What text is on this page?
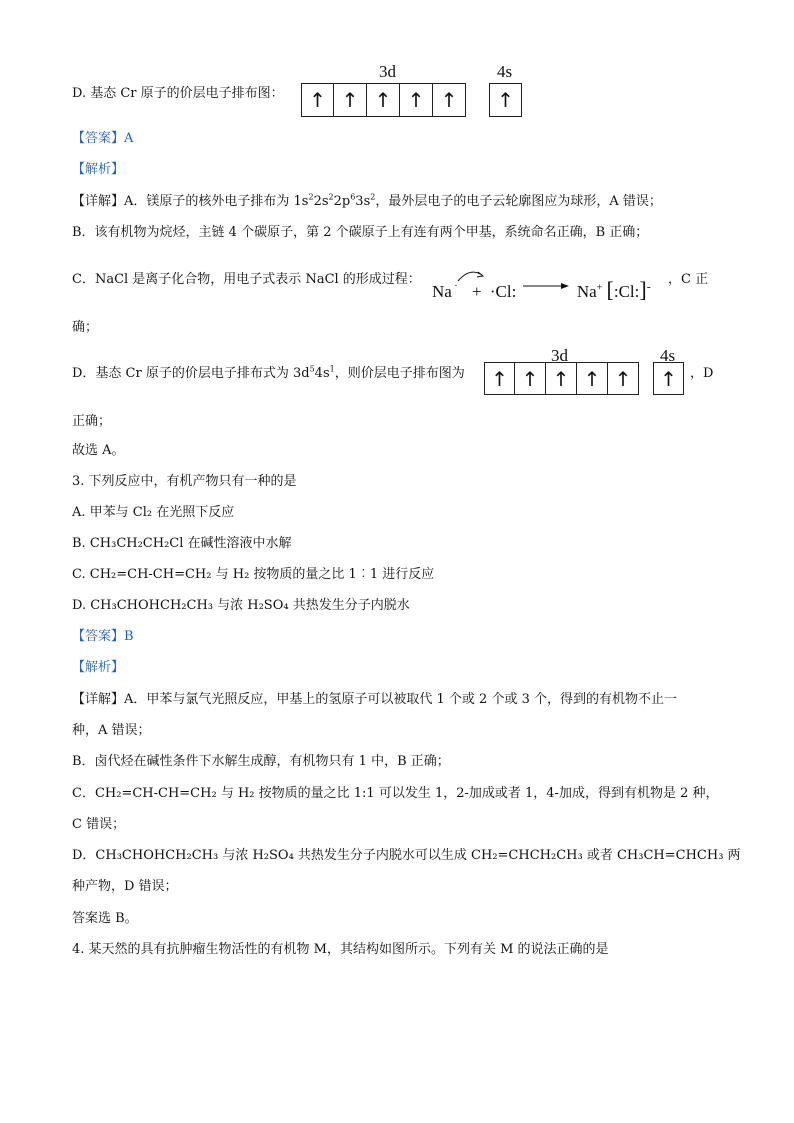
D. 基态 Cr 原子的价层电子排布图：
3d	4s
↑ ↑ ↑ ↑ ↑ ↑
【答案】A
【解析】
【详解】A．镁原子的核外电子排布为 $1s^22s^22p^63s^2$，最外层电子的电子云轮廓图应为球形，A 错误；
B．该有机物为烷烃，主链 4 个碳原子，第 2 个碳原子上有连有两个甲基，系统命名正确，B 正确；
C．NaCl 是离子化合物，用电子式表示 NaCl 的形成过程：
Na · + ·Cl:	Na+ [:Cl:]- ，C 正
确；
D．基态 Cr 原子的价层电子排布式为 $3d^54s^1$，则价层电子排布图为
3d	4s
↑ ↑ ↑ ↑ ↑ ↑ ，D
正确；
故选 A。
3. 下列反应中，有机产物只有一种的是
A. 甲苯与 Cl₂ 在光照下反应
B. CH₃CH₂CH₂Cl 在碱性溶液中水解
C. CH₂=CH-CH=CH₂ 与 H₂ 按物质的量之比 1︰1 进行反应
D. CH₃CHOHCH₂CH₃ 与浓 H₂SO₄ 共热发生分子内脱水
【答案】B
【解析】
【详解】A．甲苯与氯气光照反应，甲基上的氢原子可以被取代 1 个或 2 个或 3 个，得到的有机物不止一
种，A 错误；
B．卤代烃在碱性条件下水解生成醇，有机物只有 1 中，B 正确；
C．CH₂=CH-CH=CH₂ 与 H₂ 按物质的量之比 1:1 可以发生 1，2-加成或者 1，4-加成，得到有机物是 2 种，
C 错误；
D．CH₃CHOHCH₂CH₃ 与浓 H₂SO₄ 共热发生分子内脱水可以生成 CH₂=CHCH₂CH₃ 或者 CH₃CH=CHCH₃ 两
种产物，D 错误；
答案选 B。
4. 某天然的具有抗肿瘤生物活性的有机物 M，其结构如图所示。下列有关 M 的说法正确的是
